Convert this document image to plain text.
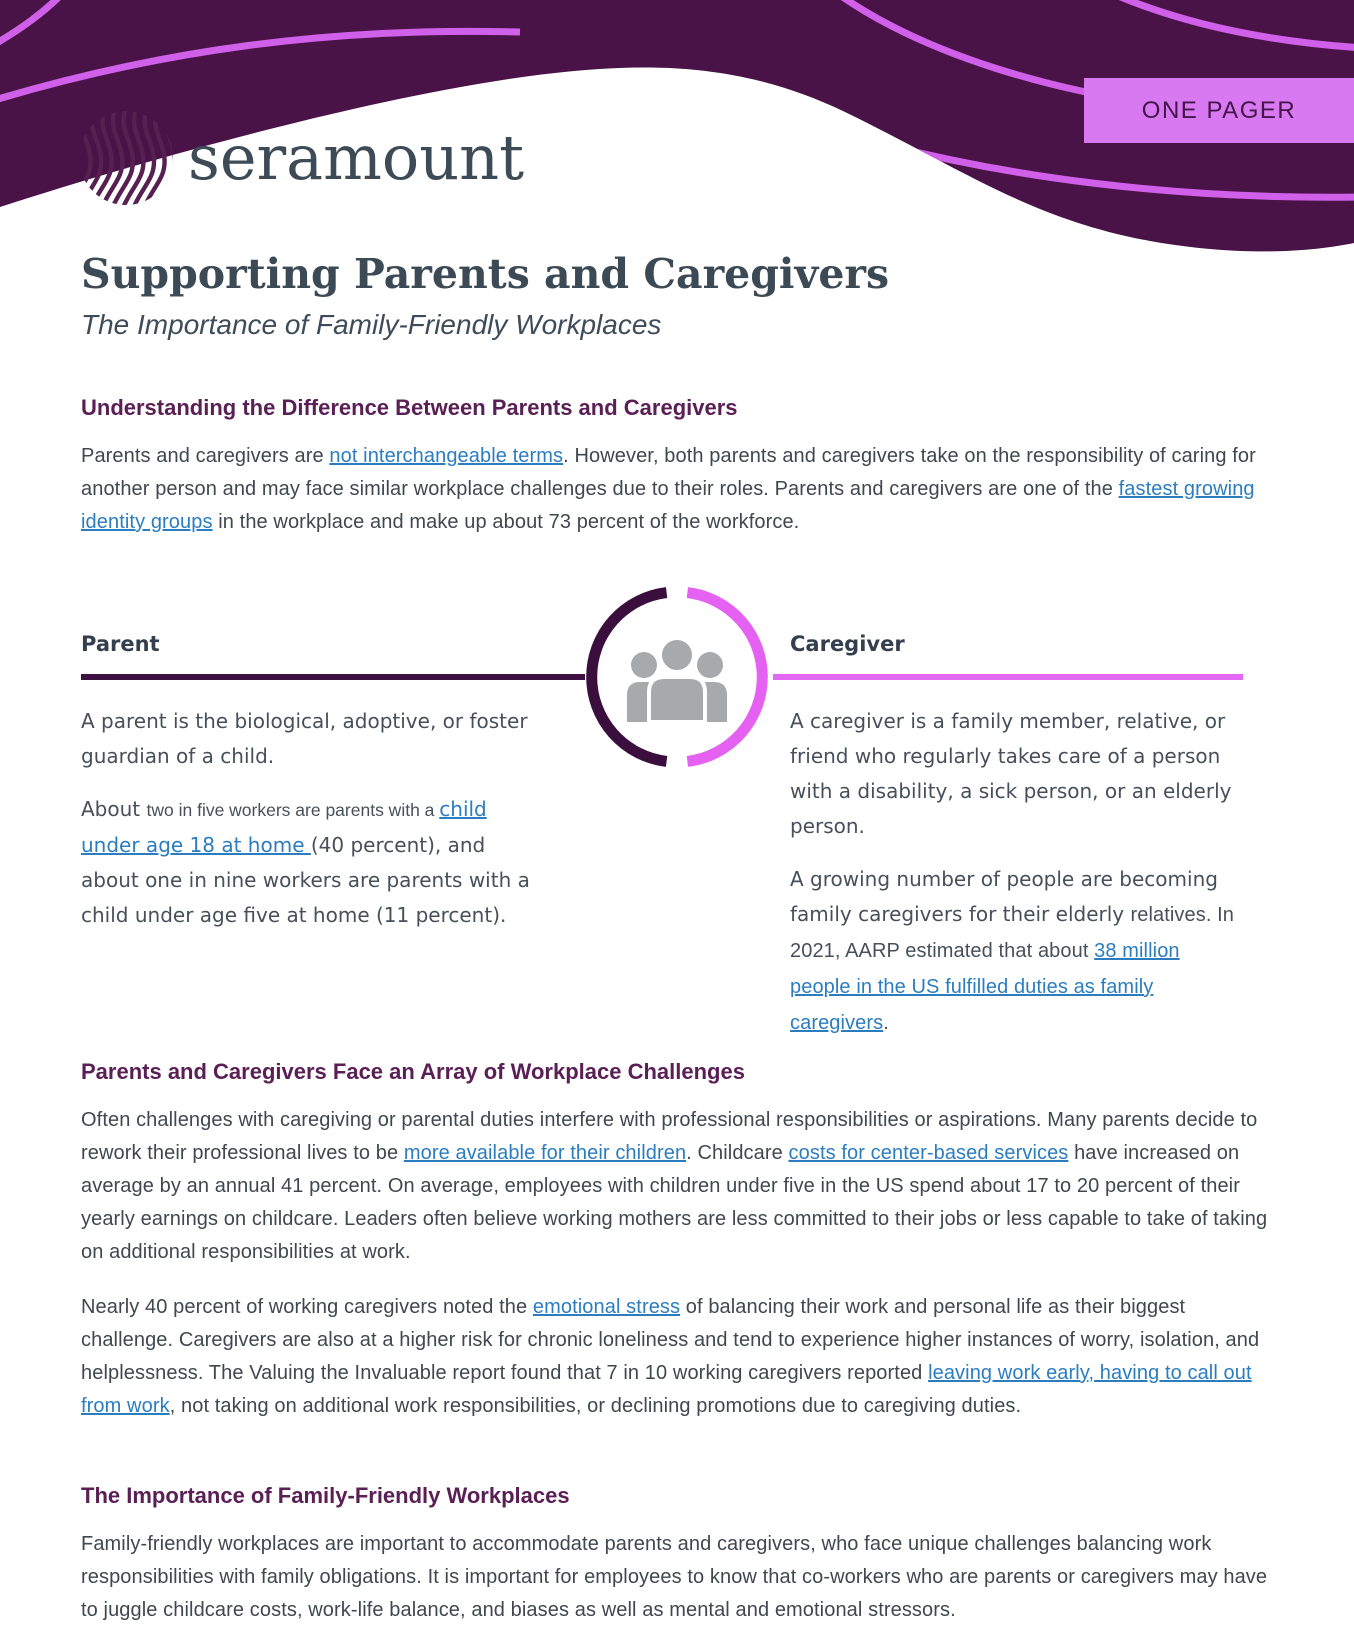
ONE PAGER
seramount
Supporting Parents and Caregivers

The Importance of Family-Friendly Workplaces

Understanding the Difference Between Parents and Caregivers

Parents and caregivers are not interchangeable terms. However, both parents and caregivers take on the responsibility of caring for another person and may face similar workplace challenges due to their roles. Parents and caregivers are one of the fastest growing identity groups in the workplace and make up about 73 percent of the workforce.

Parent	Caregiver

A parent is the biological, adoptive, or foster guardian of a child.

About two in five workers are parents with a child under age 18 at home (40 percent), and about one in nine workers are parents with a child under age five at home (11 percent).

A caregiver is a family member, relative, or friend who regularly takes care of a person with a disability, a sick person, or an elderly person.

A growing number of people are becoming family caregivers for their elderly relatives. In 2021, AARP estimated that about 38 million people in the US fulfilled duties as family caregivers.

Parents and Caregivers Face an Array of Workplace Challenges

Often challenges with caregiving or parental duties interfere with professional responsibilities or aspirations. Many parents decide to rework their professional lives to be more available for their children. Childcare costs for center-based services have increased on average by an annual 41 percent. On average, employees with children under five in the US spend about 17 to 20 percent of their yearly earnings on childcare. Leaders often believe working mothers are less committed to their jobs or less capable to take of taking on additional responsibilities at work.

Nearly 40 percent of working caregivers noted the emotional stress of balancing their work and personal life as their biggest challenge. Caregivers are also at a higher risk for chronic loneliness and tend to experience higher instances of worry, isolation, and helplessness. The Valuing the Invaluable report found that 7 in 10 working caregivers reported leaving work early, having to call out from work, not taking on additional work responsibilities, or declining promotions due to caregiving duties.

The Importance of Family-Friendly Workplaces

Family-friendly workplaces are important to accommodate parents and caregivers, who face unique challenges balancing work responsibilities with family obligations. It is important for employees to know that co-workers who are parents or caregivers may have to juggle childcare costs, work-life balance, and biases as well as mental and emotional stressors.
